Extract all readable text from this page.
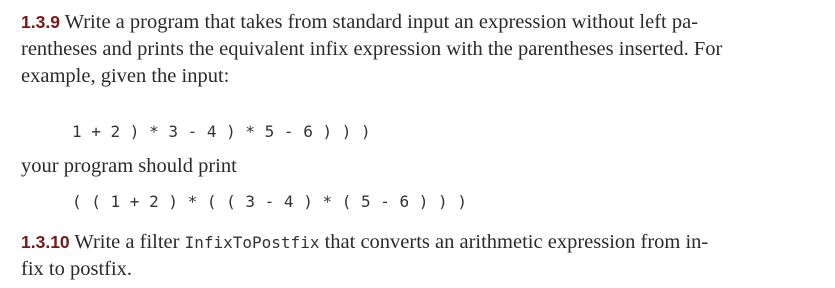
1.3.9 Write a program that takes from standard input an expression without left pa-
rentheses and prints the equivalent infix expression with the parentheses inserted. For
example, given the input:
1 + 2 ) * 3 - 4 ) * 5 - 6 ) ) )
your program should print
( ( 1 + 2 ) * ( ( 3 - 4 ) * ( 5 - 6 ) ) )
1.3.10 Write a filter InfixToPostfix that converts an arithmetic expression from in-
fix to postfix.
